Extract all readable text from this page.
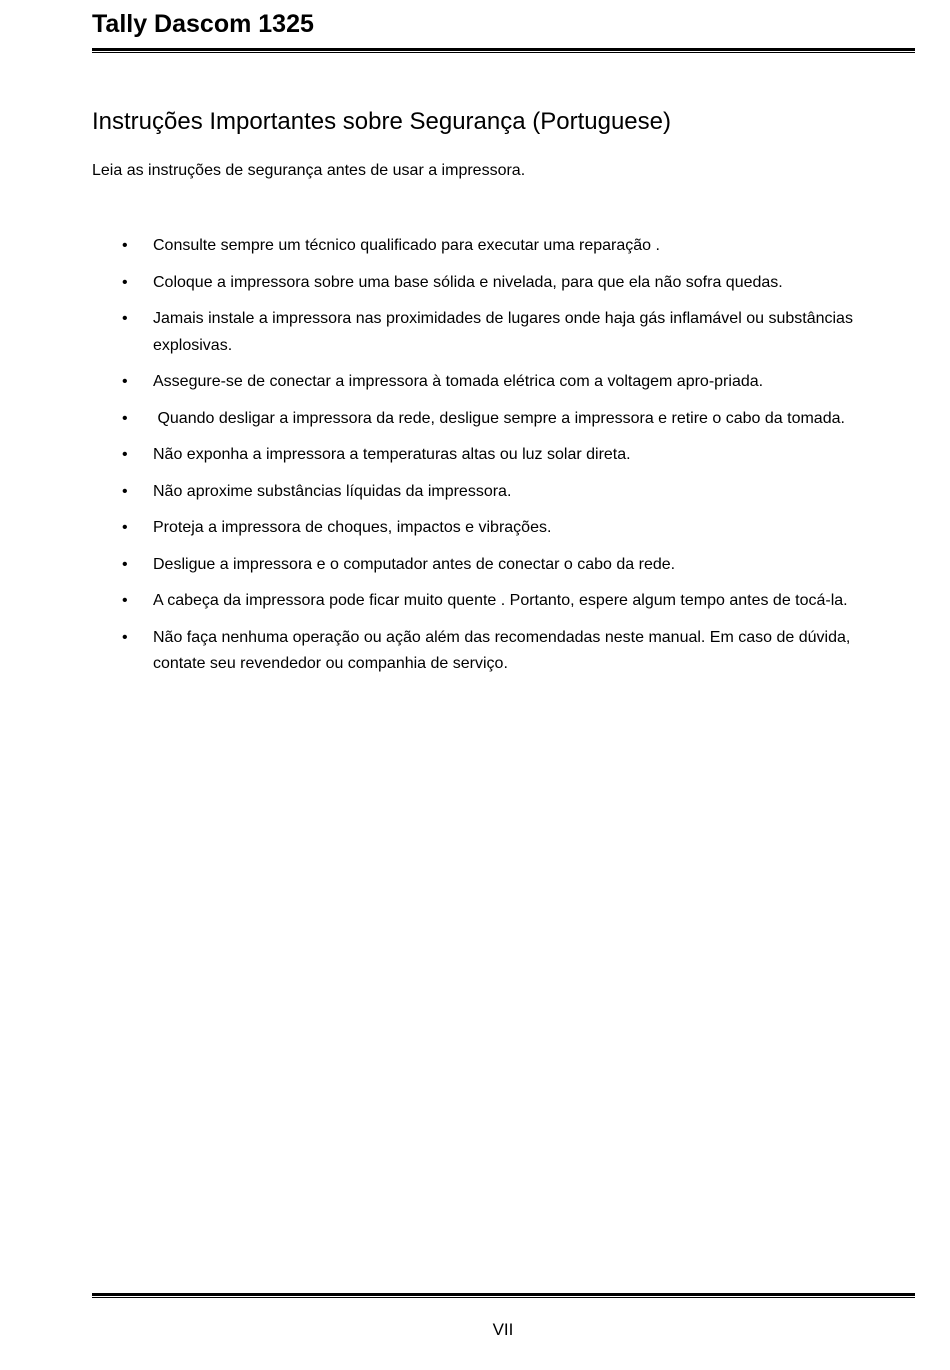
Tally Dascom 1325
Instruções Importantes sobre Segurança (Portuguese)

Leia as instruções de segurança antes de usar a impressora.

• Consulte sempre um técnico qualificado para executar uma reparação .
• Coloque a impressora sobre uma base sólida e nivelada, para que ela não sofra quedas.
• Jamais instale a impressora nas proximidades de lugares onde haja gás inflamável ou substâncias explosivas.
• Assegure-se de conectar a impressora à tomada elétrica com a voltagem apro-priada.
• Quando desligar a impressora da rede, desligue sempre a impressora e retire o cabo da tomada.
• Não exponha a impressora a temperaturas altas ou luz solar direta.
• Não aproxime substâncias líquidas da impressora.
• Proteja a impressora de choques, impactos e vibrações.
• Desligue a impressora e o computador antes de conectar o cabo da rede.
• A cabeça da impressora pode ficar muito quente . Portanto, espere algum tempo antes de tocá-la.
• Não faça nenhuma operação ou ação além das recomendadas neste manual. Em caso de dúvida, contate seu revendedor ou companhia de serviço.
VII
